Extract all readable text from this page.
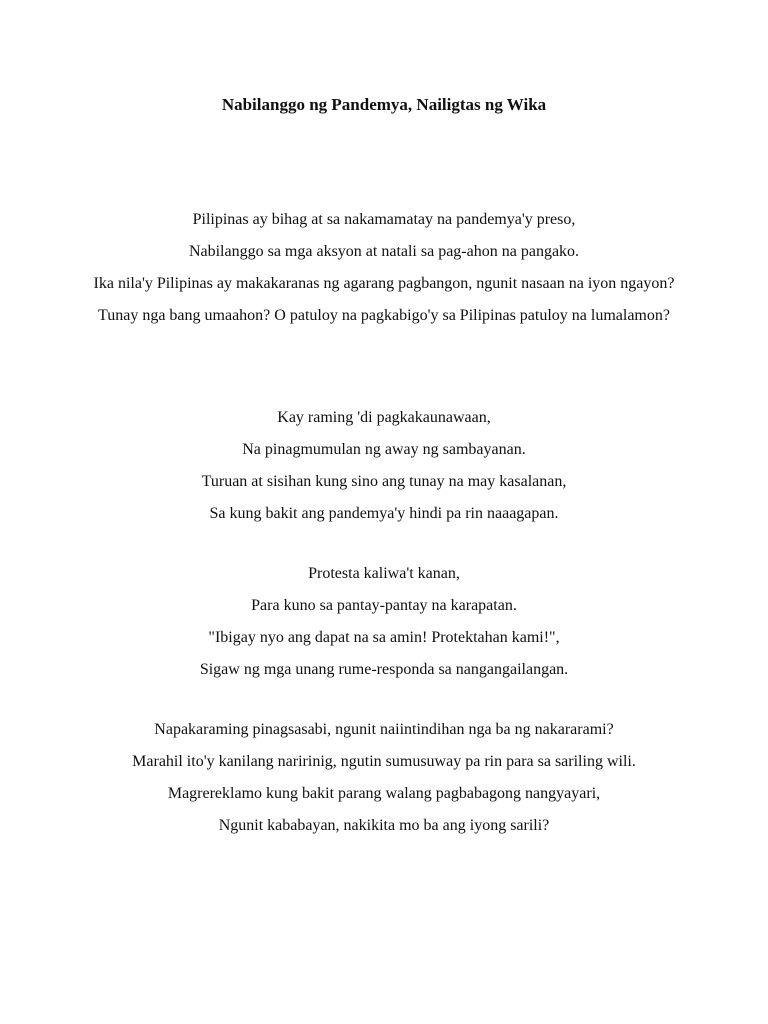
Nabilanggo ng Pandemya, Nailigtas ng Wika

Pilipinas ay bihag at sa nakamamatay na pandemya'y preso,

Nabilanggo sa mga aksyon at natali sa pag-ahon na pangako.

Ika nila'y Pilipinas ay makakaranas ng agarang pagbangon, ngunit nasaan na iyon ngayon?

Tunay nga bang umaahon? O patuloy na pagkabigo'y sa Pilipinas patuloy na lumalamon?

Kay raming 'di pagkakaunawaan,

Na pinagmumulan ng away ng sambayanan.

Turuan at sisihan kung sino ang tunay na may kasalanan,

Sa kung bakit ang pandemya'y hindi pa rin naaagapan.

Protesta kaliwa't kanan,

Para kuno sa pantay-pantay na karapatan.

"Ibigay nyo ang dapat na sa amin! Protektahan kami!",

Sigaw ng mga unang rume-responda sa nangangailangan.

Napakaraming pinagsasabi, ngunit naiintindihan nga ba ng nakararami?

Marahil ito'y kanilang naririnig, ngutin sumusuway pa rin para sa sariling wili.

Magrereklamo kung bakit parang walang pagbabagong nangyayari,

Ngunit kababayan, nakikita mo ba ang iyong sarili?
